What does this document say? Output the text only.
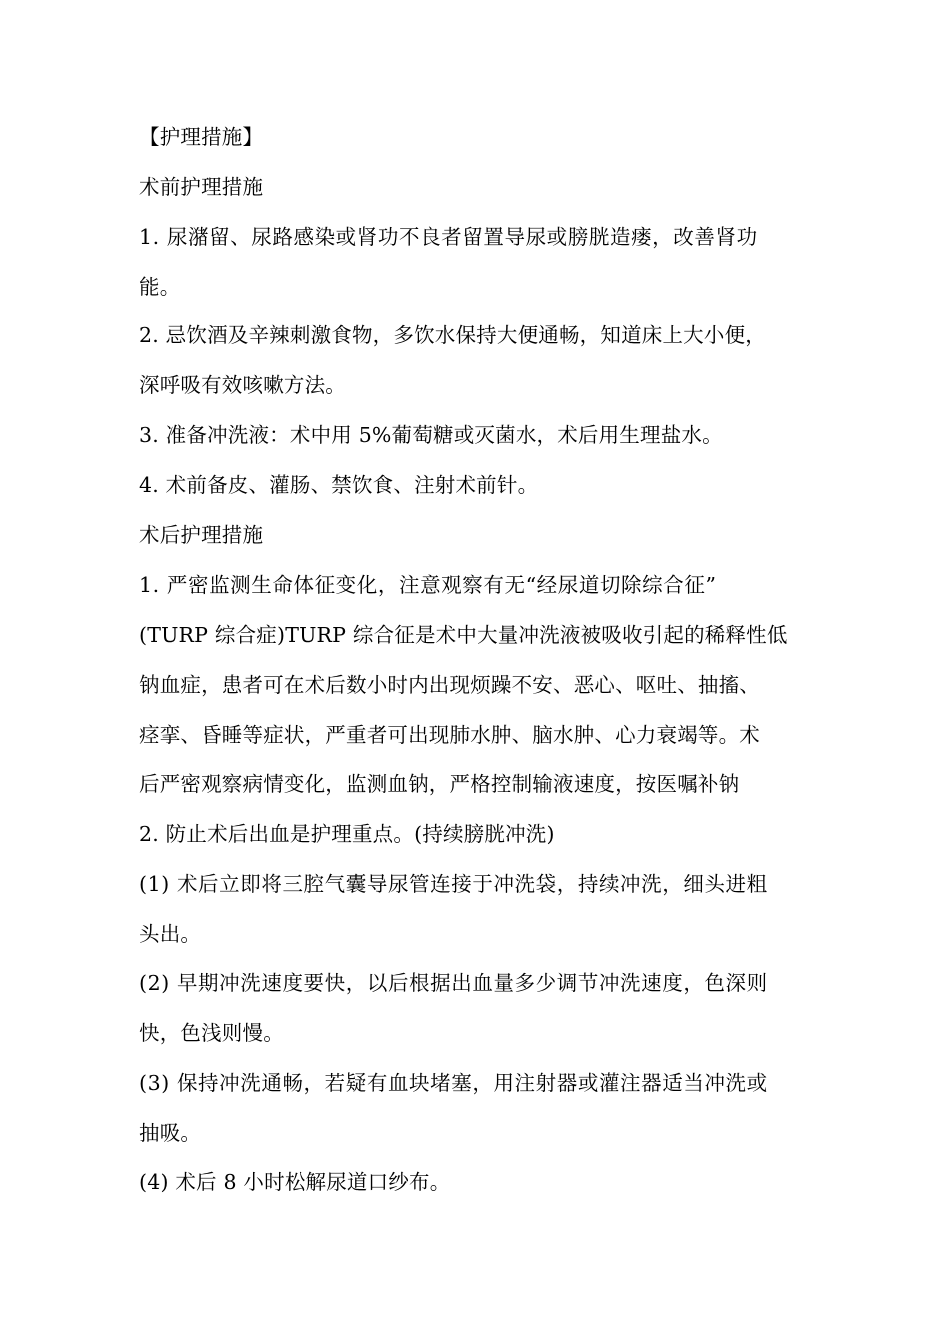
【护理措施】
术前护理措施
1. 尿潴留、尿路感染或肾功不良者留置导尿或膀胱造瘘，改善肾功
能。
2. 忌饮酒及辛辣刺激食物，多饮水保持大便通畅，知道床上大小便，
深呼吸有效咳嗽方法。
3. 准备冲洗液：术中用 5%葡萄糖或灭菌水，术后用生理盐水。
4. 术前备皮、灌肠、禁饮食、注射术前针。
术后护理措施
1. 严密监测生命体征变化，注意观察有无“经尿道切除综合征”
(TURP 综合症)TURP 综合征是术中大量冲洗液被吸收引起的稀释性低
钠血症，患者可在术后数小时内出现烦躁不安、恶心、呕吐、抽搐、
痉挛、昏睡等症状，严重者可出现肺水肿、脑水肿、心力衰竭等。术
后严密观察病情变化，监测血钠，严格控制输液速度，按医嘱补钠
2. 防止术后出血是护理重点。(持续膀胱冲洗)
(1) 术后立即将三腔气囊导尿管连接于冲洗袋，持续冲洗，细头进粗
头出。
(2) 早期冲洗速度要快，以后根据出血量多少调节冲洗速度，色深则
快，色浅则慢。
(3) 保持冲洗通畅，若疑有血块堵塞，用注射器或灌注器适当冲洗或
抽吸。
(4) 术后 8 小时松解尿道口纱布。
